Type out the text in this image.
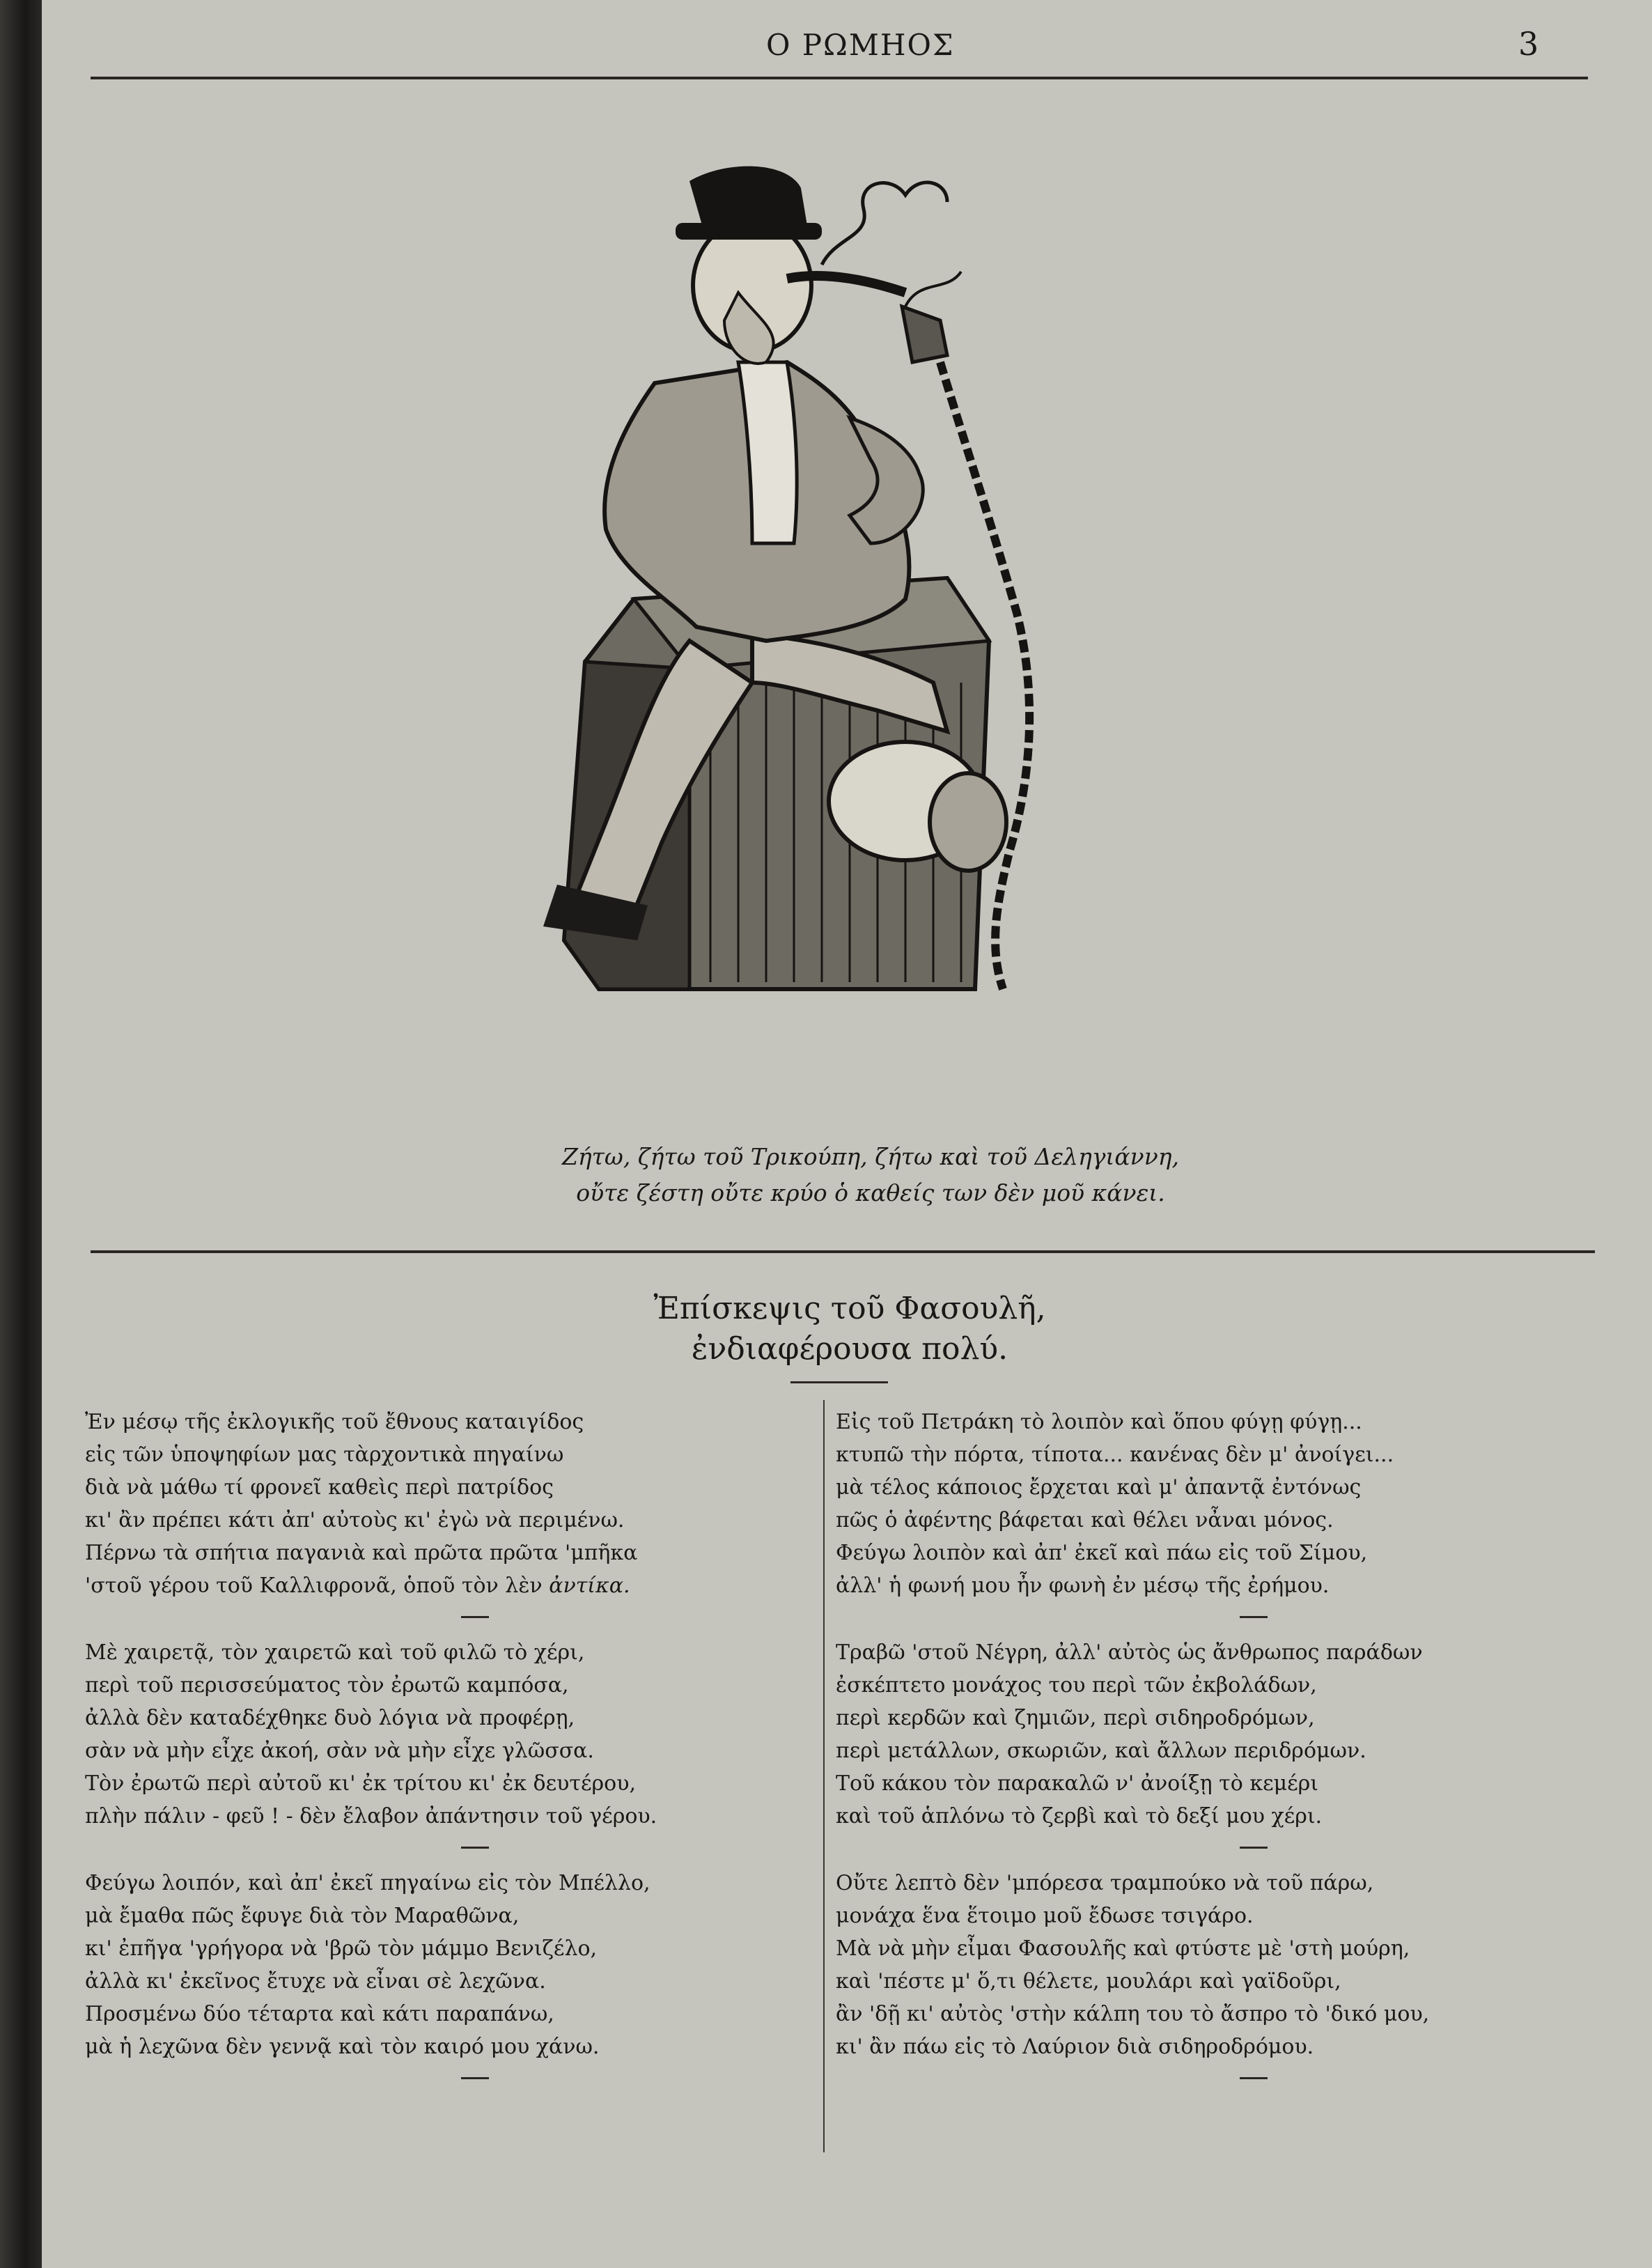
Ο ΡΩΜΗΟΣ	3
Ζήτω, ζήτω τοῦ Τρικούπη, ζήτω καὶ τοῦ Δεληγιάννη,
οὔτε ζέστη οὔτε κρύο ὁ καθείς των δὲν μοῦ κάνει.
Ἐπίσκεψις τοῦ Φασουλῆ,
ἐνδιαφέρουσα πολύ.

Ἐν μέσῳ τῆς ἐκλογικῆς τοῦ ἔθνους καταιγίδος

εἰς τῶν ὑποψηφίων μας τὰρχοντικὰ πηγαίνω

διὰ νὰ μάθω τί φρονεῖ καθεὶς περὶ πατρίδος

κι' ἂν πρέπει κάτι ἀπ' αὐτοὺς κι' ἐγὼ νὰ περιμένω.

Πέρνω τὰ σπήτια παγανιὰ καὶ πρῶτα πρῶτα 'μπῆκα

'στοῦ γέρου τοῦ Καλλιφρονᾶ, ὁποῦ τὸν λὲν ἀντίκα.

Μὲ χαιρετᾷ, τὸν χαιρετῶ καὶ τοῦ φιλῶ τὸ χέρι,

περὶ τοῦ περισσεύματος τὸν ἐρωτῶ καμπόσα,

ἀλλὰ δὲν καταδέχθηκε δυὸ λόγια νὰ προφέρῃ,

σὰν νὰ μὴν εἶχε ἀκοή, σὰν νὰ μὴν εἶχε γλῶσσα.

Τὸν ἐρωτῶ περὶ αὐτοῦ κι' ἐκ τρίτου κι' ἐκ δευτέρου,

πλὴν πάλιν - φεῦ ! - δὲν ἔλαβον ἀπάντησιν τοῦ γέρου.

Φεύγω λοιπόν, καὶ ἀπ' ἐκεῖ πηγαίνω εἰς τὸν Μπέλλο,

μὰ ἔμαθα πῶς ἔφυγε διὰ τὸν Μαραθῶνα,

κι' ἐπῆγα 'γρήγορα νὰ 'βρῶ τὸν μάμμο Βενιζέλο,

ἀλλὰ κι' ἐκεῖνος ἔτυχε νὰ εἶναι σὲ λεχῶνα.

Προσμένω δύο τέταρτα καὶ κάτι παραπάνω,

μὰ ἡ λεχῶνα δὲν γεννᾷ καὶ τὸν καιρό μου χάνω.

Εἰς τοῦ Πετράκη τὸ λοιπὸν καὶ ὅπου φύγῃ φύγῃ...

κτυπῶ τὴν πόρτα, τίποτα... κανένας δὲν μ' ἀνοίγει...

μὰ τέλος κάποιος ἔρχεται καὶ μ' ἀπαντᾷ ἐντόνως

πῶς ὁ ἀφέντης βάφεται καὶ θέλει νἆναι μόνος.

Φεύγω λοιπὸν καὶ ἀπ' ἐκεῖ καὶ πάω εἰς τοῦ Σίμου,

ἀλλ' ἡ φωνή μου ἦν φωνὴ ἐν μέσῳ τῆς ἐρήμου.

Τραβῶ 'στοῦ Νέγρη, ἀλλ' αὐτὸς ὡς ἄνθρωπος παράδων

ἐσκέπτετο μονάχος του περὶ τῶν ἐκβολάδων,

περὶ κερδῶν καὶ ζημιῶν, περὶ σιδηροδρόμων,

περὶ μετάλλων, σκωριῶν, καὶ ἄλλων περιδρόμων.

Τοῦ κάκου τὸν παρακαλῶ ν' ἀνοίξῃ τὸ κεμέρι

καὶ τοῦ ἁπλόνω τὸ ζερβὶ καὶ τὸ δεξί μου χέρι.

Οὔτε λεπτὸ δὲν 'μπόρεσα τραμπούκο νὰ τοῦ πάρω,

μονάχα ἕνα ἕτοιμο μοῦ ἔδωσε τσιγάρο.

Μὰ νὰ μὴν εἶμαι Φασουλῆς καὶ φτύστε μὲ 'στὴ μούρη,

καὶ 'πέστε μ' ὅ,τι θέλετε, μουλάρι καὶ γαϊδοῦρι,

ἂν 'δῇ κι' αὐτὸς 'στὴν κάλπη του τὸ ἄσπρο τὸ 'δικό μου,

κι' ἂν πάω εἰς τὸ Λαύριον διὰ σιδηροδρόμου.
